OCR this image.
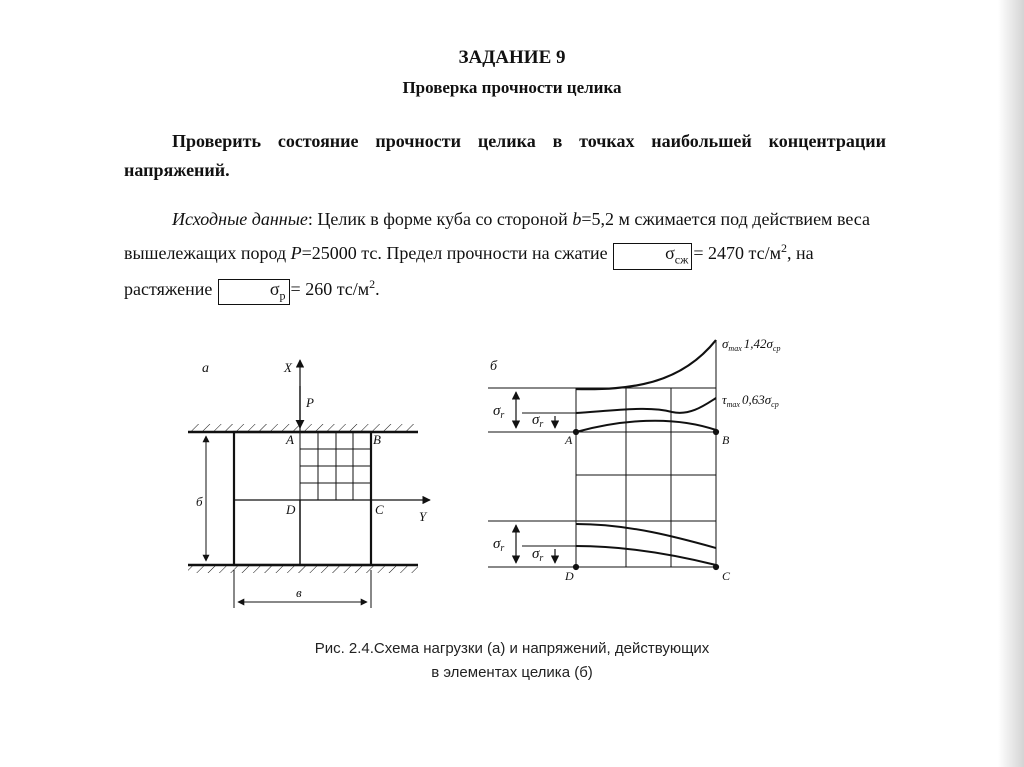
ЗАДАНИЕ 9
Проверка прочности целика
Проверить состояние прочности целика в точках наибольшей концентрации напряжений.
Исходные данные: Целик в форме куба со стороной b=5,2 м сжимается под действием веса вышележащих пород P=25000 тс. Предел прочности на сжатие	$\sigma_{сж} = 2470$ $тс/м^2$, на растяжение	$\sigma_р = 260$ $тс/м^2$.
а	X
Y
P
A	B
C
D
б
в
б
$\sigma_r$ $\sigma_r$
$\sigma_r$ $\sigma_r$
A	B
D	C
$\sigma_{max}$ $1,42\sigma_{ср}$
$\tau_{max}$ $0,63\sigma_{ср}$
Рис. 2.4.Схема нагрузки (а) и напряжений, действующих
в элементах целика (б)
